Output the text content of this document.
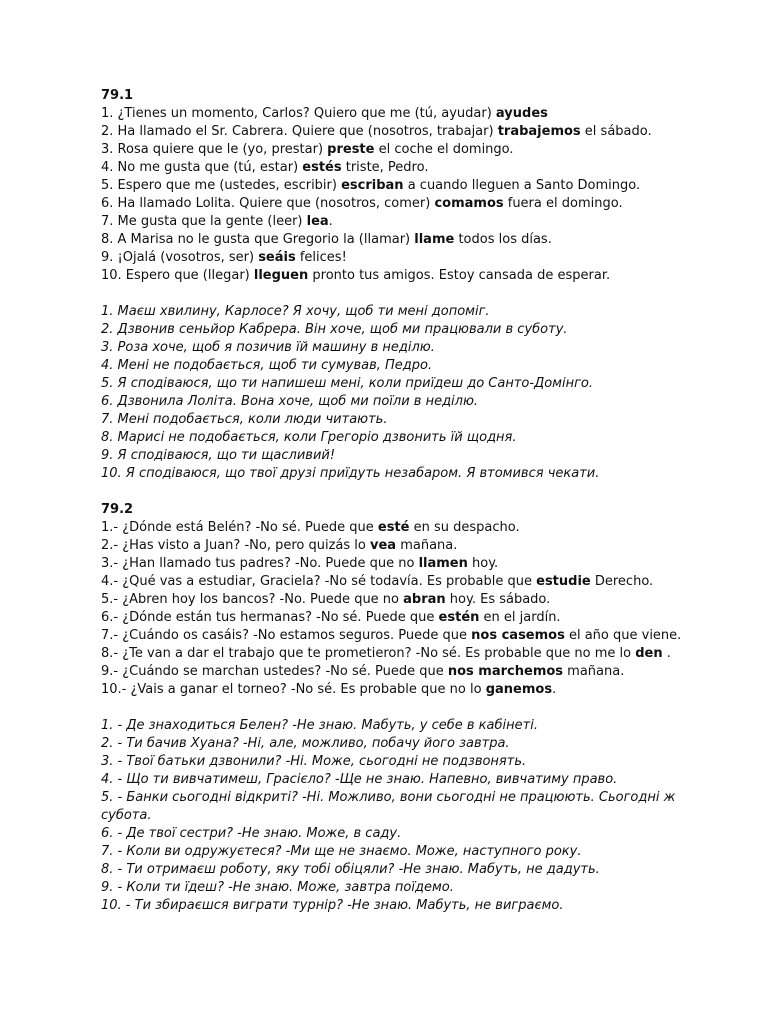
79.1

1. ¿Tienes un momento, Carlos? Quiero que me (tú, ayudar) ayudes

2. Ha llamado el Sr. Cabrera. Quiere que (nosotros, trabajar) trabajemos el sábado.

3. Rosa quiere que le (yo, prestar) preste el coche el domingo.

4. No me gusta que (tú, estar) estés triste, Pedro.

5. Espero que me (ustedes, escribir) escriban a cuando lleguen a Santo Domingo.

6. Ha llamado Lolita. Quiere que (nosotros, comer) comamos fuera el domingo.

7. Me gusta que la gente (leer) lea.

8. A Marisa no le gusta que Gregorio la (llamar) llame todos los días.

9. ¡Ojalá (vosotros, ser) seáis felices!

10. Espero que (llegar) lleguen pronto tus amigos. Estoy cansada de esperar.

1. Маєш хвилину, Карлосе? Я хочу, щоб ти мені допоміг.

2. Дзвонив сеньйор Кабрера. Він хоче, щоб ми працювали в суботу.

3. Роза хоче, щоб я позичив їй машину в неділю.

4. Мені не подобається, щоб ти сумував, Педро.

5. Я сподіваюся, що ти напишеш мені, коли приїдеш до Санто-Домінго.

6. Дзвонила Лоліта. Вона хоче, щоб ми поїли в неділю.

7. Мені подобається, коли люди читають.

8. Марисі не подобається, коли Грегоріо дзвонить їй щодня.

9. Я сподіваюся, що ти щасливий!

10. Я сподіваюся, що твої друзі приїдуть незабаром. Я втомився чекати.

79.2

1.- ¿Dónde está Belén? -No sé. Puede que esté en su despacho.

2.- ¿Has visto a Juan? -No, pero quizás lo vea mañana.

3.- ¿Han llamado tus padres? -No. Puede que no llamen hoy.

4.- ¿Qué vas a estudiar, Graciela? -No sé todavía. Es probable que estudie Derecho.

5.- ¿Abren hoy los bancos? -No. Puede que no abran hoy. Es sábado.

6.- ¿Dónde están tus hermanas? -No sé. Puede que estén en el jardín.

7.- ¿Cuándo os casáis? -No estamos seguros. Puede que nos casemos el año que viene.

8.- ¿Te van a dar el trabajo que te prometieron? -No sé. Es probable que no me lo den .

9.- ¿Cuándo se marchan ustedes? -No sé. Puede que nos marchemos mañana.

10.- ¿Vais a ganar el torneo? -No sé. Es probable que no lo ganemos.

1. - Де знаходиться Белен? -Не знаю. Мабуть, у себе в кабінеті.

2. - Ти бачив Хуана? -Ні, але, можливо, побачу його завтра.

3. - Твої батьки дзвонили? -Ні. Може, сьогодні не подзвонять.

4. - Що ти вивчатимеш, Грасієло? -Ще не знаю. Напевно, вивчатиму право.

5. - Банки сьогодні відкриті? -Ні. Можливо, вони сьогодні не працюють. Сьогодні ж субота.

6. - Де твої сестри? -Не знаю. Може, в саду.

7. - Коли ви одружуєтеся? -Ми ще не знаємо. Може, наступного року.

8. - Ти отримаєш роботу, яку тобі обіцяли? -Не знаю. Мабуть, не дадуть.

9. - Коли ти їдеш? -Не знаю. Може, завтра поїдемо.

10. - Ти збираєшся виграти турнір? -Не знаю. Мабуть, не виграємо.
